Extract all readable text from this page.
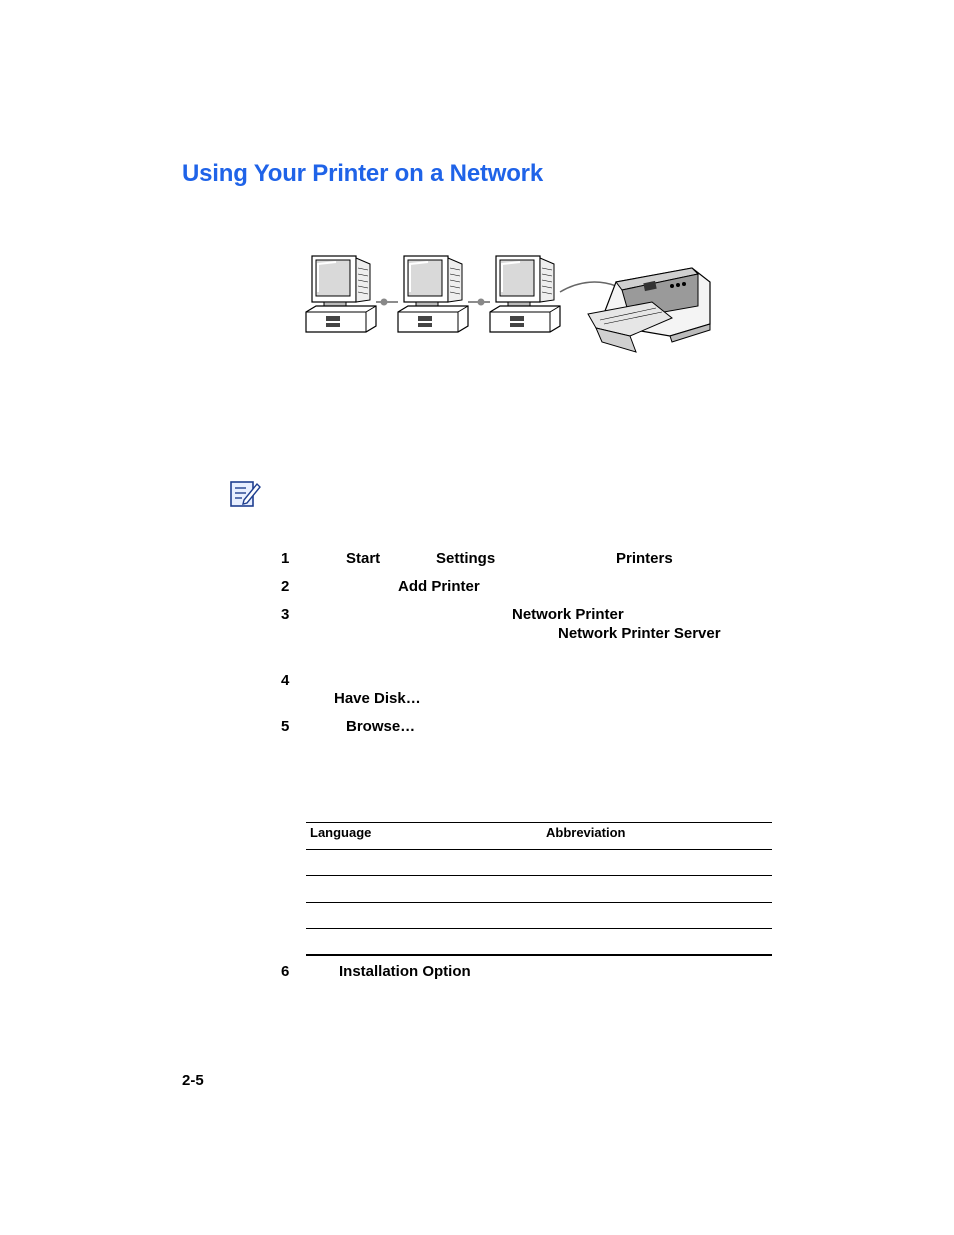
Using Your Printer on a Network
1	Start	Settings	Printers
2	Add Printer
3	Network Printer
Network Printer Server
4
Have Disk…
5	Browse…
Language	Abbreviation
6	Installation Option
2-5
